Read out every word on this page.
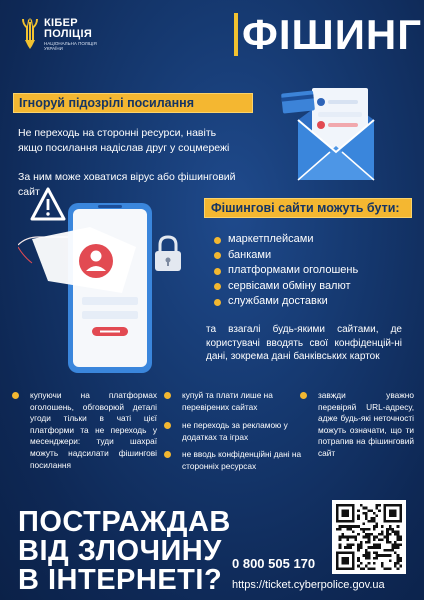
КІБЕР
ПОЛІЦІЯ
НАЦІОНАЛЬНА ПОЛІЦІЯ УКРАЇНИ	ФІШИНГ
Ігноруй підозрілі посилання
Не переходь на сторонні ресурси, навіть якщо посилання надіслав друг у соцмережі
За ним може ховатися вірус або фішинговий сайт
Фішингові сайти можуть бути:
маркетплейсами
банками
платформами оголошень
сервісами обміну валют
службами доставки
та взагалі будь-якими сайтами, де користувачі вводять свої конфіденцій-ні дані, зокрема дані банківських карток
купуючи на платформах оголошень, обговорюй деталі угоди тільки в чаті цієї платформи та не переходь у месенджери: туди шахраї можуть надсилати фішингові посилання
купуй та плати лише на перевірених сайтах
не переходь за рекламою у додатках та іграх
не вводь конфіденційні дані на сторонніх ресурсах
завжди уважно перевіряй URL-адресу, адже будь-які неточності можуть означати, що ти потрапив на фішинговий сайт
ПОСТРАЖДАВ
ВІД ЗЛОЧИНУ
В ІНТЕРНЕТІ?
0 800 505 170
https://ticket.cyberpolice.gov.ua
